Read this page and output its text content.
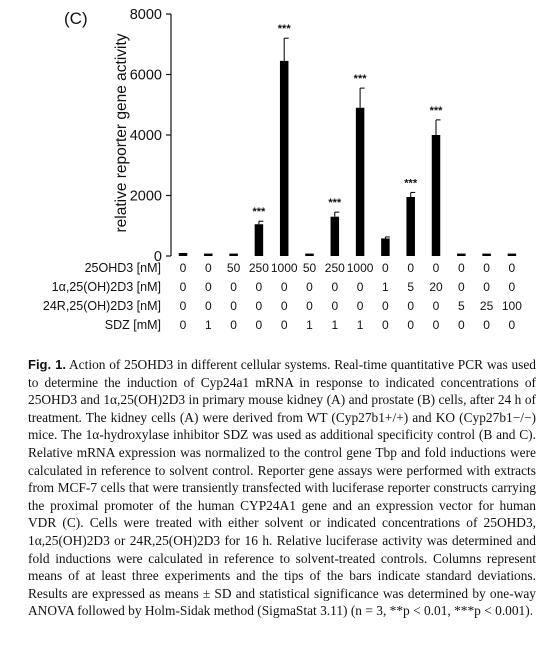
(C)
relative reporter gene activity
0
2000
4000
6000
8000
***
***
***
***
***
***
25OHD3 [nM] 0 0 50 250 1000 50 250 1000 0 0 0 0 0 0
1α,25(OH)2D3 [nM] 0 0 0 0 0 0 0 0 1 5 20 0 0 0
24R,25(OH)2D3 [nM] 0 0 0 0 0 0 0 0 0 0 0 5 25 100
SDZ [mM] 0 1 0 0 0 1 1 1 0 0 0 0 0 0
Fig. 1. Action of 25OHD3 in different cellular systems. Real-time quantitative PCR was used to determine the induction of Cyp24a1 mRNA in response to indicated concentrations of 25OHD3 and 1α,25(OH)2D3 in primary mouse kidney (A) and prostate (B) cells, after 24 h of treatment. The kidney cells (A) were derived from WT (Cyp27b1+/+) and KO (Cyp27b1−/−) mice. The 1α-hydroxylase inhibitor SDZ was used as additional specificity control (B and C). Relative mRNA expression was normalized to the control gene Tbp and fold inductions were calculated in reference to solvent control. Reporter gene assays were performed with extracts from MCF-7 cells that were transiently transfected with luciferase reporter constructs carrying the proximal promoter of the human CYP24A1 gene and an expression vector for human VDR (C). Cells were treated with either solvent or indicated concentrations of 25OHD3, 1α,25(OH)2D3 or 24R,25(OH)2D3 for 16 h. Relative luciferase activity was determined and fold inductions were calculated in reference to solvent-treated controls. Columns represent means of at least three experiments and the tips of the bars indicate standard deviations. Results are expressed as means ± SD and statistical significance was determined by one-way ANOVA followed by Holm-Sidak method (SigmaStat 3.11) (n = 3, **p < 0.01, ***p < 0.001).
